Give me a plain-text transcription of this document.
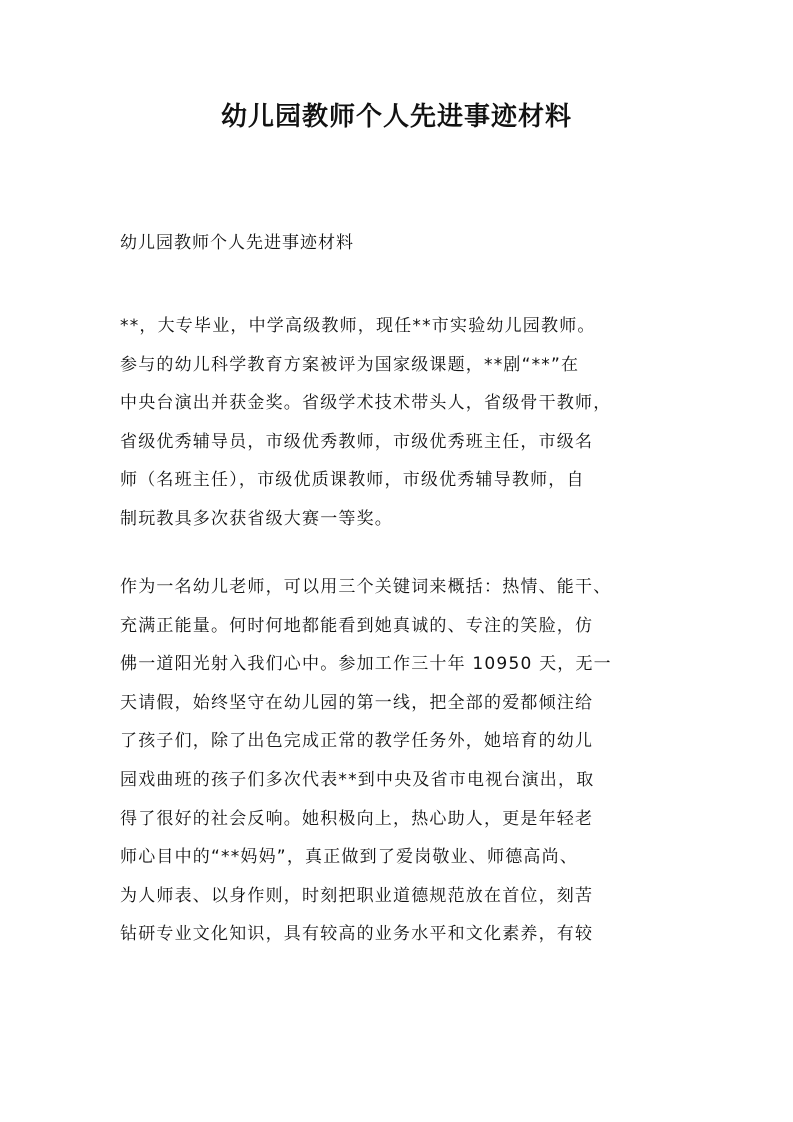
幼儿园教师个人先进事迹材料
幼儿园教师个人先进事迹材料
**，大专毕业，中学高级教师，现任**市实验幼儿园教师。
参与的幼儿科学教育方案被评为国家级课题，**剧“**”在
中央台演出并获金奖。省级学术技术带头人，省级骨干教师，
省级优秀辅导员，市级优秀教师，市级优秀班主任，市级名
师（名班主任），市级优质课教师，市级优秀辅导教师，自
制玩教具多次获省级大赛一等奖。
作为一名幼儿老师，可以用三个关键词来概括：热情、能干、
充满正能量。何时何地都能看到她真诚的、专注的笑脸，仿
佛一道阳光射入我们心中。参加工作三十年 10950 天，无一
天请假，始终坚守在幼儿园的第一线，把全部的爱都倾注给
了孩子们，除了出色完成正常的教学任务外，她培育的幼儿
园戏曲班的孩子们多次代表**到中央及省市电视台演出，取
得了很好的社会反响。她积极向上，热心助人，更是年轻老
师心目中的“**妈妈”，真正做到了爱岗敬业、师德高尚、
为人师表、以身作则，时刻把职业道德规范放在首位，刻苦
钻研专业文化知识，具有较高的业务水平和文化素养，有较
